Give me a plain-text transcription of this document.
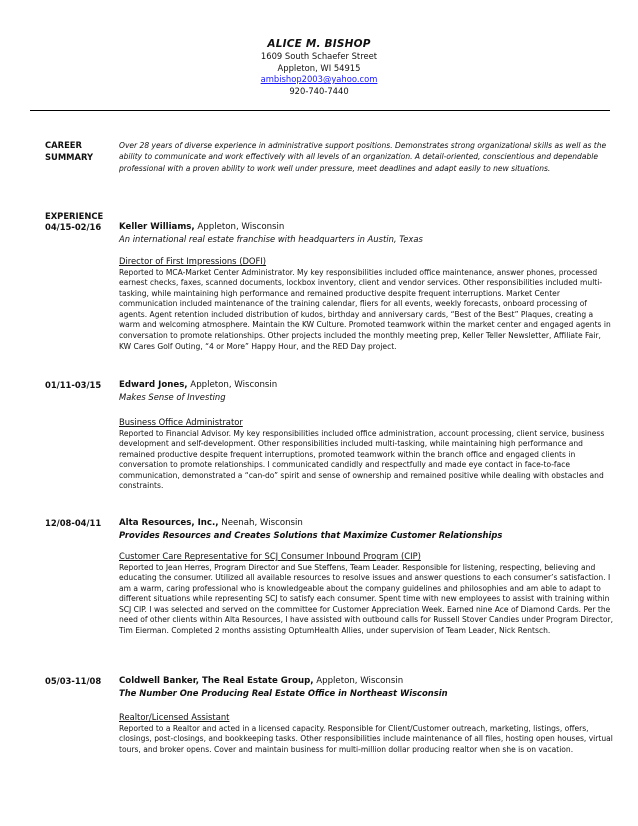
ALICE M. BISHOP
1609 South Schaefer Street
Appleton, WI 54915
ambishop2003@yahoo.com
920-740-7440
CAREER
SUMMARY
Over 28 years of diverse experience in administrative support positions. Demonstrates strong organizational skills as well as the ability to communicate and work effectively with all levels of an organization. A detail-oriented, conscientious and dependable professional with a proven ability to work well under pressure, meet deadlines and adapt easily to new situations.
EXPERIENCE
04/15-02/16 Keller Williams, Appleton, Wisconsin
An international real estate franchise with headquarters in Austin, Texas
Director of First Impressions (DOFI)
Reported to MCA-Market Center Administrator. My key responsibilities included office maintenance, answer phones, processed earnest checks, faxes, scanned documents, lockbox inventory, client and vendor services. Other responsibilities included multi-tasking, while maintaining high performance and remained productive despite frequent interruptions. Market Center communication included maintenance of the training calendar, fliers for all events, weekly forecasts, onboard processing of agents. Agent retention included distribution of kudos, birthday and anniversary cards, “Best of the Best” Plaques, creating a warm and welcoming atmosphere. Maintain the KW Culture. Promoted teamwork within the market center and engaged agents in conversation to promote relationships. Other projects included the monthly meeting prep, Keller Teller Newsletter, Affiliate Fair, KW Cares Golf Outing, “4 or More” Happy Hour, and the RED Day project.
01/11-03/15 Edward Jones, Appleton, Wisconsin
Makes Sense of Investing
Business Office Administrator
Reported to Financial Advisor. My key responsibilities included office administration, account processing, client service, business development and self-development. Other responsibilities included multi-tasking, while maintaining high performance and remained productive despite frequent interruptions, promoted teamwork within the branch office and engaged clients in conversation to promote relationships. I communicated candidly and respectfully and made eye contact in face-to-face communication, demonstrated a “can-do” spirit and sense of ownership and remained positive while dealing with obstacles and constraints.
12/08-04/11 Alta Resources, Inc., Neenah, Wisconsin
Provides Resources and Creates Solutions that Maximize Customer Relationships
Customer Care Representative for SCJ Consumer Inbound Program (CIP)
Reported to Jean Herres, Program Director and Sue Steffens, Team Leader. Responsible for listening, respecting, believing and educating the consumer. Utilized all available resources to resolve issues and answer questions to each consumer’s satisfaction. I am a warm, caring professional who is knowledgeable about the company guidelines and philosophies and am able to adapt to different situations while representing SCJ to satisfy each consumer. Spent time with new employees to assist with training within SCJ CIP. I was selected and served on the committee for Customer Appreciation Week. Earned nine Ace of Diamond Cards. Per the need of other clients within Alta Resources, I have assisted with outbound calls for Russell Stover Candies under Program Director, Tim Eierman. Completed 2 months assisting OptumHealth Allies, under supervision of Team Leader, Nick Rentsch.
05/03-11/08 Coldwell Banker, The Real Estate Group, Appleton, Wisconsin
The Number One Producing Real Estate Office in Northeast Wisconsin
Realtor/Licensed Assistant
Reported to a Realtor and acted in a licensed capacity. Responsible for Client/Customer outreach, marketing, listings, offers, closings, post-closings, and bookkeeping tasks. Other responsibilities include maintenance of all files, hosting open houses, virtual tours, and broker opens. Cover and maintain business for multi-million dollar producing realtor when she is on vacation.
